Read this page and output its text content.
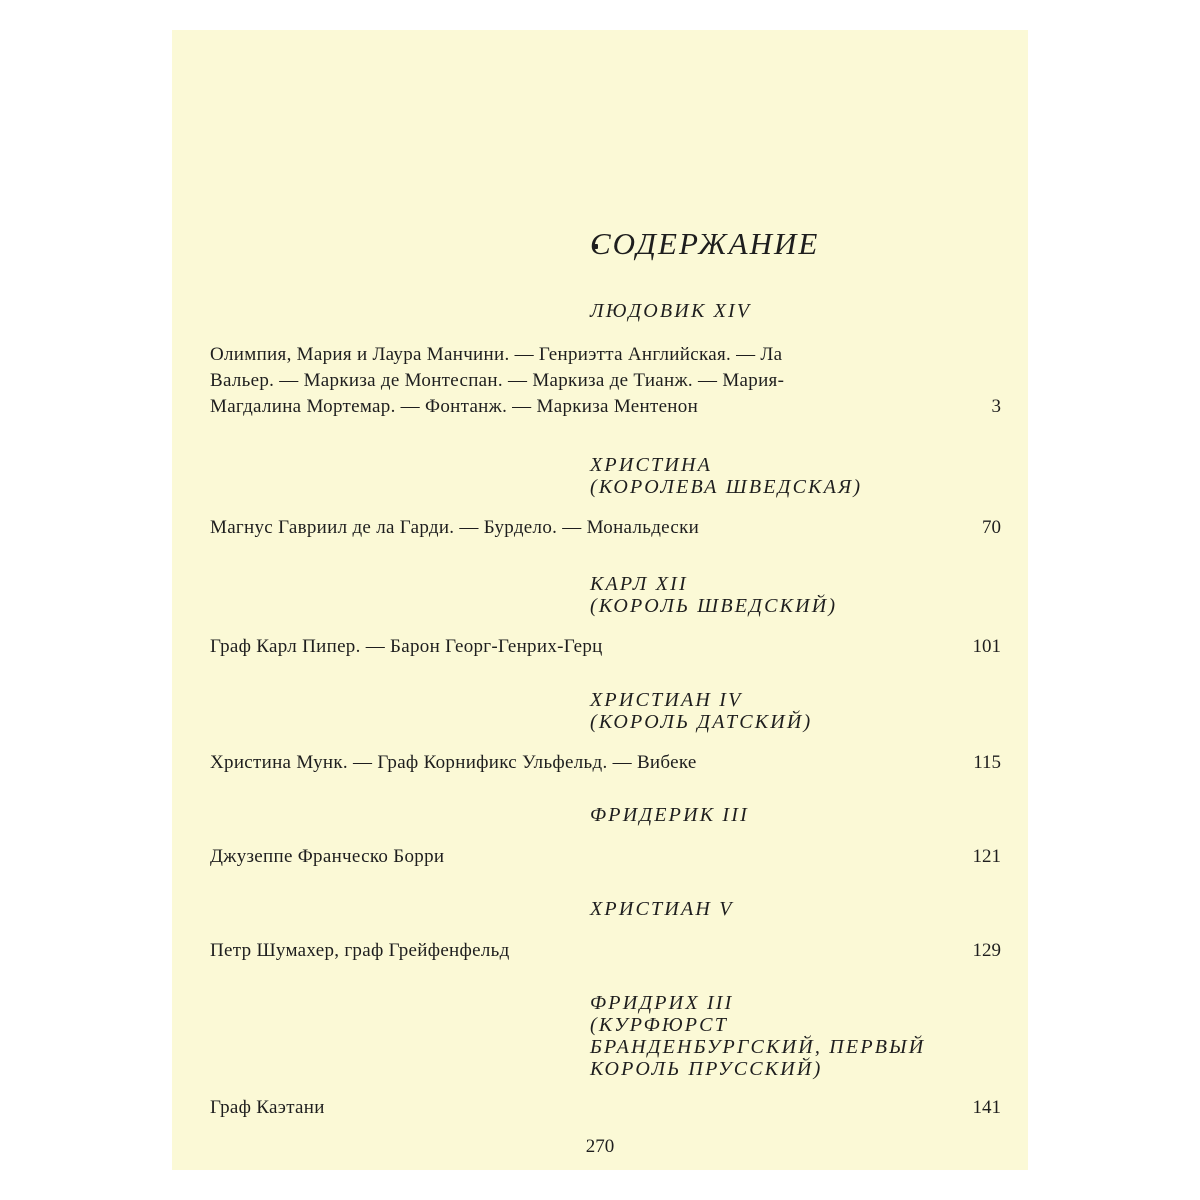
СОДЕРЖАНИЕ
ЛЮДОВИК XIV
Олимпия, Мария и Лаура Манчини. — Генриэтта Английская. — Ла
Вальер. — Маркиза де Монтеспан. — Маркиза де Тианж. — Мария-
Магдалина Мортемар. — Фонтанж. — Маркиза Ментенон	3
ХРИСТИНА
(КОРОЛЕВА ШВЕДСКАЯ)
Магнус Гавриил де ла Гарди. — Бурдело. — Мональдески	70
КАРЛ XII
(КОРОЛЬ ШВЕДСКИЙ)
Граф Карл Пипер. — Барон Георг-Генрих-Герц	101
ХРИСТИАН IV
(КОРОЛЬ ДАТСКИЙ)
Христина Мунк. — Граф Корнификс Ульфельд. — Вибеке	115
ФРИДЕРИК III
Джузеппе Франческо Борри	121
ХРИСТИАН V
Петр Шумахер, граф Грейфенфельд	129
ФРИДРИХ III
(КУРФЮРСТ
БРАНДЕНБУРГСКИЙ, ПЕРВЫЙ
КОРОЛЬ ПРУССКИЙ)
Граф Каэтани	141
270
